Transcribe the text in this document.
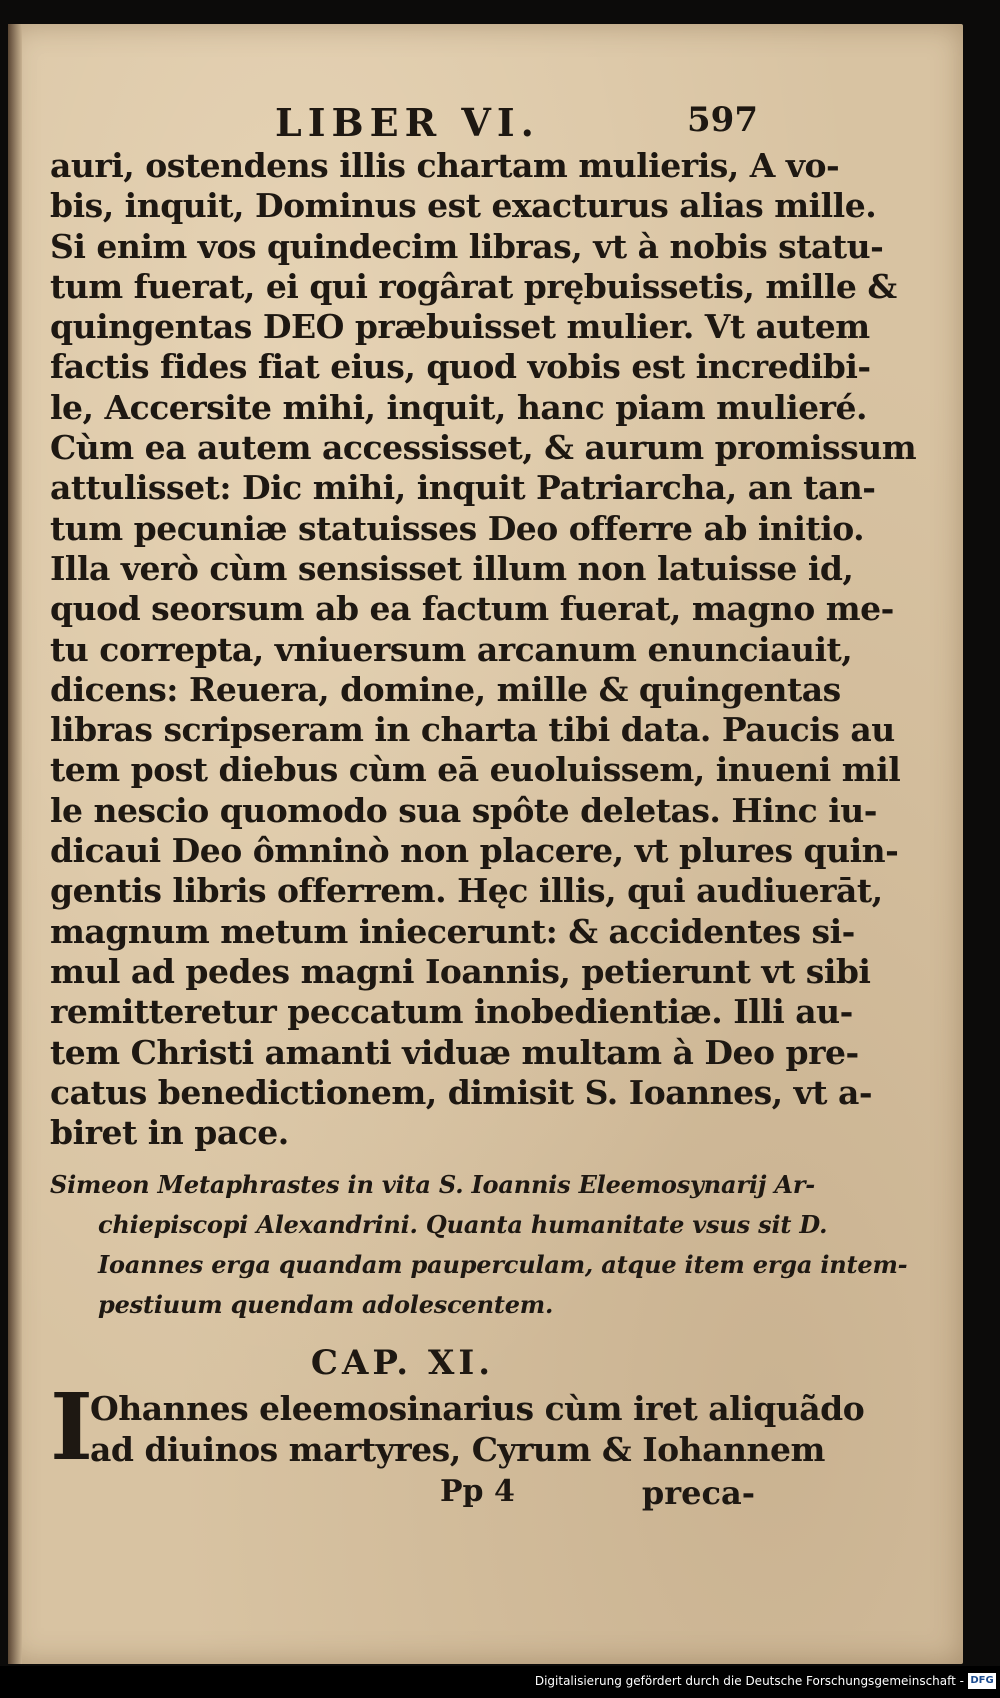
LIBER VI.	597
auri, ostendens illis chartam mulieris, A vo-
bis, inquit, Dominus est exacturus alias mille.
Si enim vos quindecim libras, vt à nobis statu-
tum fuerat, ei qui rogârat prębuissetis, mille &
quingentas DEO præbuisset mulier. Vt autem
factis fides fiat eius, quod vobis est incredibi-
le, Accersite mihi, inquit, hanc piam mulieré.
Cùm ea autem accessisset, & aurum promissum
attulisset: Dic mihi, inquit Patriarcha, an tan-
tum pecuniæ statuisses Deo offerre ab initio.
Illa verò cùm sensisset illum non latuisse id,
quod seorsum ab ea factum fuerat, magno me-
tu correpta, vniuersum arcanum enunciauit,
dicens: Reuera, domine, mille & quingentas
libras scripseram in charta tibi data. Paucis au
tem post diebus cùm eā euoluissem, inueni mil
le nescio quomodo sua spôte deletas. Hinc iu-
dicaui Deo ômninò non placere, vt plures quin-
gentis libris offerrem. Hęc illis, qui audiuerāt,
magnum metum iniecerunt: & accidentes si-
mul ad pedes magni Ioannis, petierunt vt sibi
remitteretur peccatum inobedientiæ. Illi au-
tem Christi amanti viduæ multam à Deo pre-
catus benedictionem, dimisit S. Ioannes, vt a-
biret in pace.
Simeon Metaphrastes in vita S. Ioannis Eleemosynarij Ar-
chiepiscopi Alexandrini. Quanta humanitate vsus sit D.
Ioannes erga quandam pauperculam, atque item erga intem-
pestiuum quendam adolescentem.
CAP. XI.
I
Ohannes eleemosinarius cùm iret aliquãdo
ad diuinos martyres, Cyrum & Iohannem
Pp 4	preca-
Digitalisierung gefördert durch die Deutsche Forschungsgemeinschaft - DFG
